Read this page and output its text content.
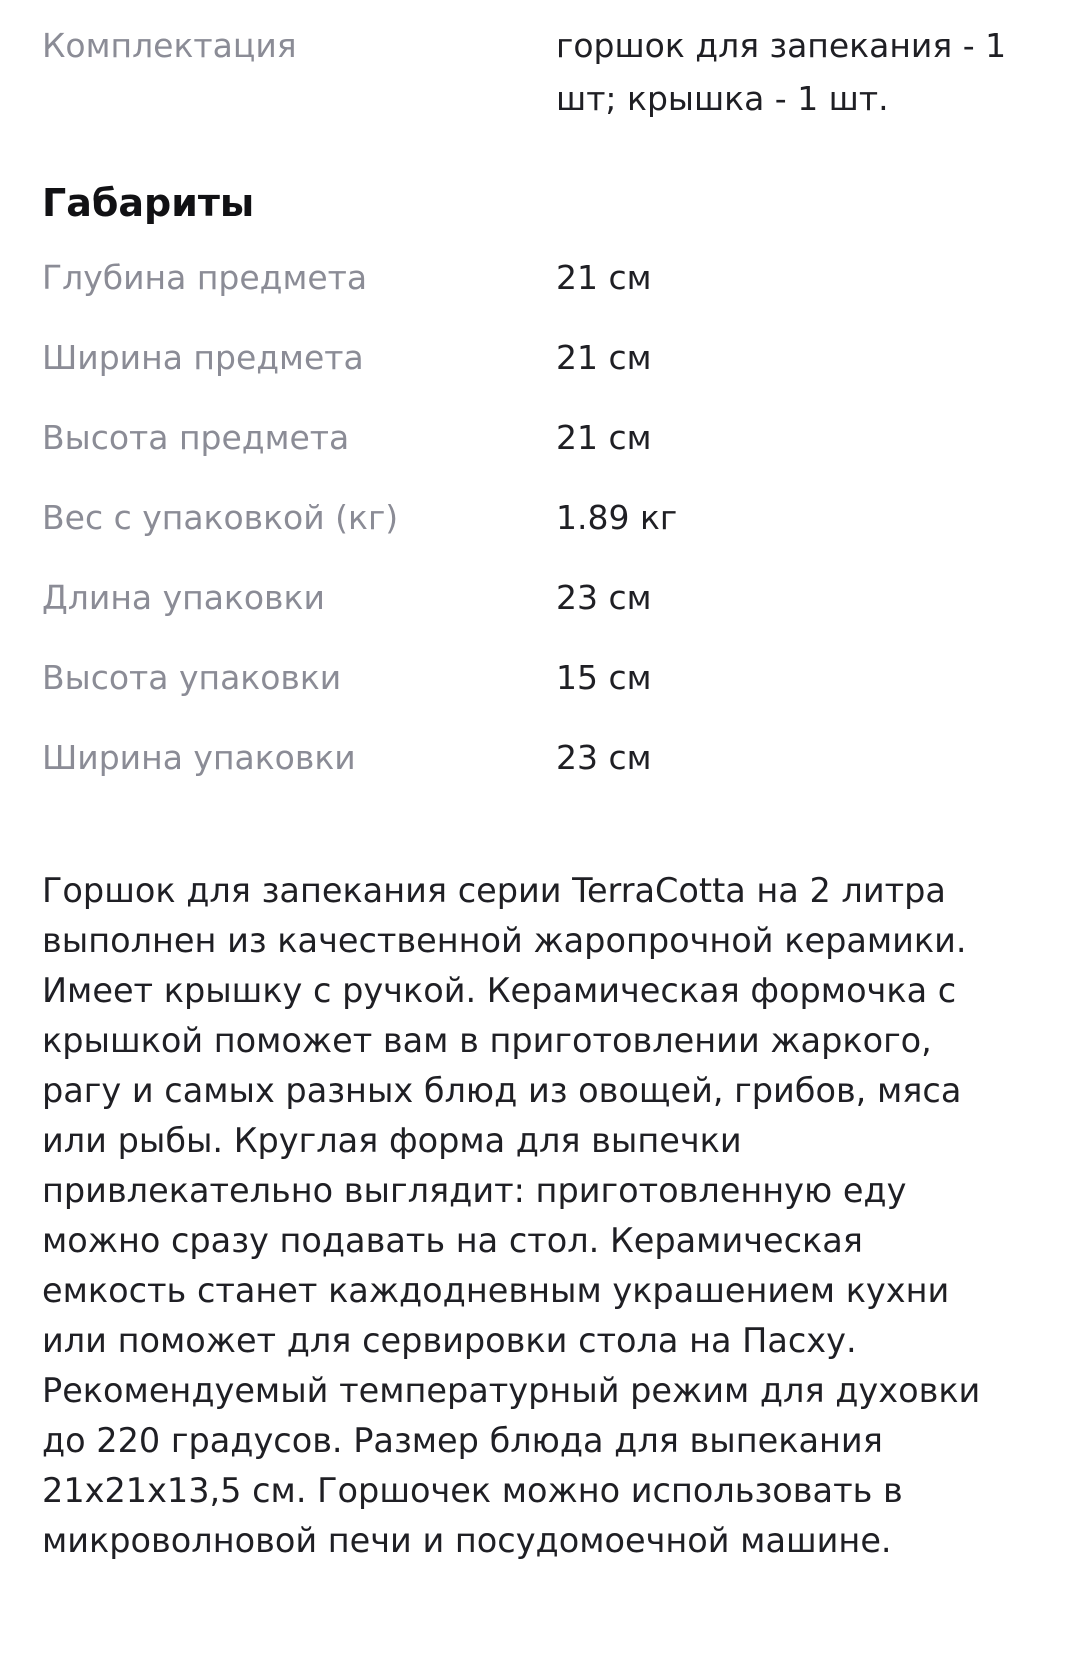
Комплектация	горшок для запекания - 1
шт; крышка - 1 шт.
Габариты
Глубина предмета	21 см
Ширина предмета	21 см
Высота предмета	21 см
Вес с упаковкой (кг)	1.89 кг
Длина упаковки	23 см
Высота упаковки	15 см
Ширина упаковки	23 см
Горшок для запекания серии TerraCotta на 2 литра
выполнен из качественной жаропрочной керамики.
Имеет крышку с ручкой. Керамическая формочка с
крышкой поможет вам в приготовлении жаркого,
рагу и самых разных блюд из овощей, грибов, мяса
или рыбы. Круглая форма для выпечки
привлекательно выглядит: приготовленную еду
можно сразу подавать на стол. Керамическая
емкость станет каждодневным украшением кухни
или поможет для сервировки стола на Пасху.
Рекомендуемый температурный режим для духовки
до 220 градусов. Размер блюда для выпекания
21x21x13,5 см. Горшочек можно использовать в
микроволновой печи и посудомоечной машине.
